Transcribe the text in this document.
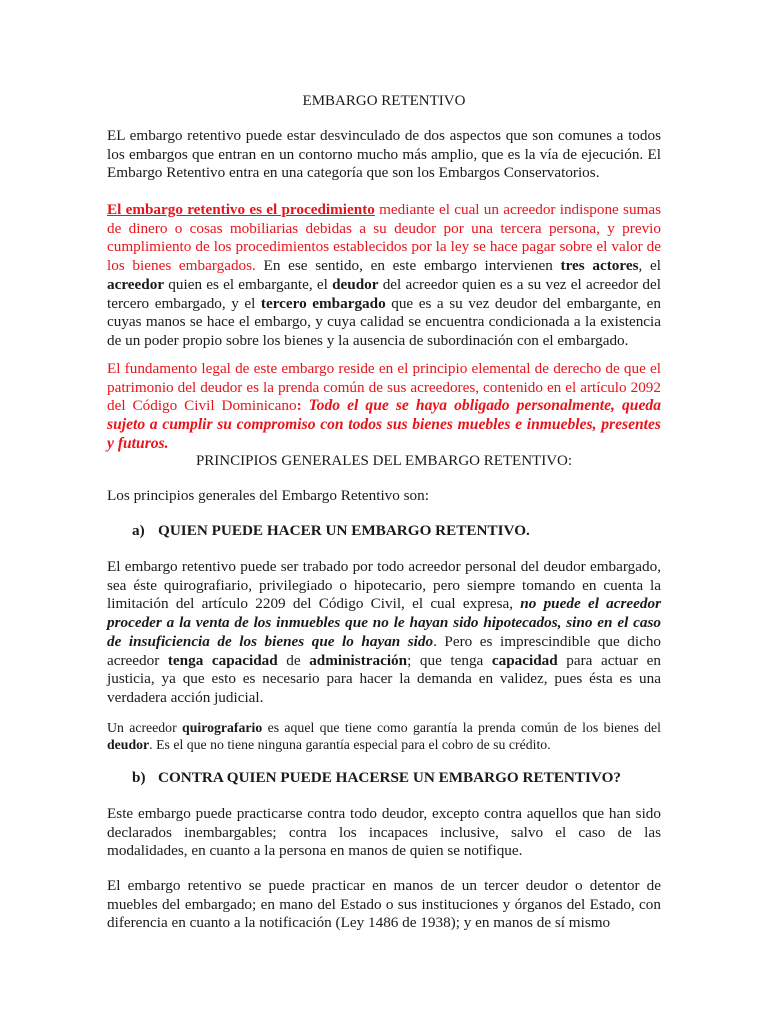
EMBARGO RETENTIVO

EL embargo retentivo puede estar desvinculado de dos aspectos que son comunes a todos los embargos que entran en un contorno mucho más amplio, que es la vía de ejecución. El Embargo Retentivo entra en una categoría que son los Embargos Conservatorios.

El embargo retentivo es el procedimiento mediante el cual un acreedor indispone sumas de dinero o cosas mobiliarias debidas a su deudor por una tercera persona, y previo cumplimiento de los procedimientos establecidos por la ley se hace pagar sobre el valor de los bienes embargados. En ese sentido, en este embargo intervienen tres actores, el acreedor quien es el embargante, el deudor del acreedor quien es a su vez el acreedor del tercero embargado, y el tercero embargado que es a su vez deudor del embargante, en cuyas manos se hace el embargo, y cuya calidad se encuentra condicionada a la existencia de un poder propio sobre los bienes y la ausencia de subordinación con el embargado.

El fundamento legal de este embargo reside en el principio elemental de derecho de que el patrimonio del deudor es la prenda común de sus acreedores, contenido en el artículo 2092 del Código Civil Dominicano: Todo el que se haya obligado personalmente, queda sujeto a cumplir su compromiso con todos sus bienes muebles e inmuebles, presentes y futuros.

PRINCIPIOS GENERALES DEL EMBARGO RETENTIVO:

Los principios generales del Embargo Retentivo son:

a) QUIEN PUEDE HACER UN EMBARGO RETENTIVO.

El embargo retentivo puede ser trabado por todo acreedor personal del deudor embargado, sea éste quirografiario, privilegiado o hipotecario, pero siempre tomando en cuenta la limitación del artículo 2209 del Código Civil, el cual expresa, no puede el acreedor proceder a la venta de los inmuebles que no le hayan sido hipotecados, sino en el caso de insuficiencia de los bienes que lo hayan sido. Pero es imprescindible que dicho acreedor tenga capacidad de administración; que tenga capacidad para actuar en justicia, ya que esto es necesario para hacer la demanda en validez, pues ésta es una verdadera acción judicial.

Un acreedor quirografario es aquel que tiene como garantía la prenda común de los bienes del deudor. Es el que no tiene ninguna garantía especial para el cobro de su crédito.

b) CONTRA QUIEN PUEDE HACERSE UN EMBARGO RETENTIVO?

Este embargo puede practicarse contra todo deudor, excepto contra aquellos que han sido declarados inembargables; contra los incapaces inclusive, salvo el caso de las modalidades, en cuanto a la persona en manos de quien se notifique.

El embargo retentivo se puede practicar en manos de un tercer deudor o detentor de muebles del embargado; en mano del Estado o sus instituciones y órganos del Estado, con diferencia en cuanto a la notificación (Ley 1486 de 1938); y en manos de sí mismo
